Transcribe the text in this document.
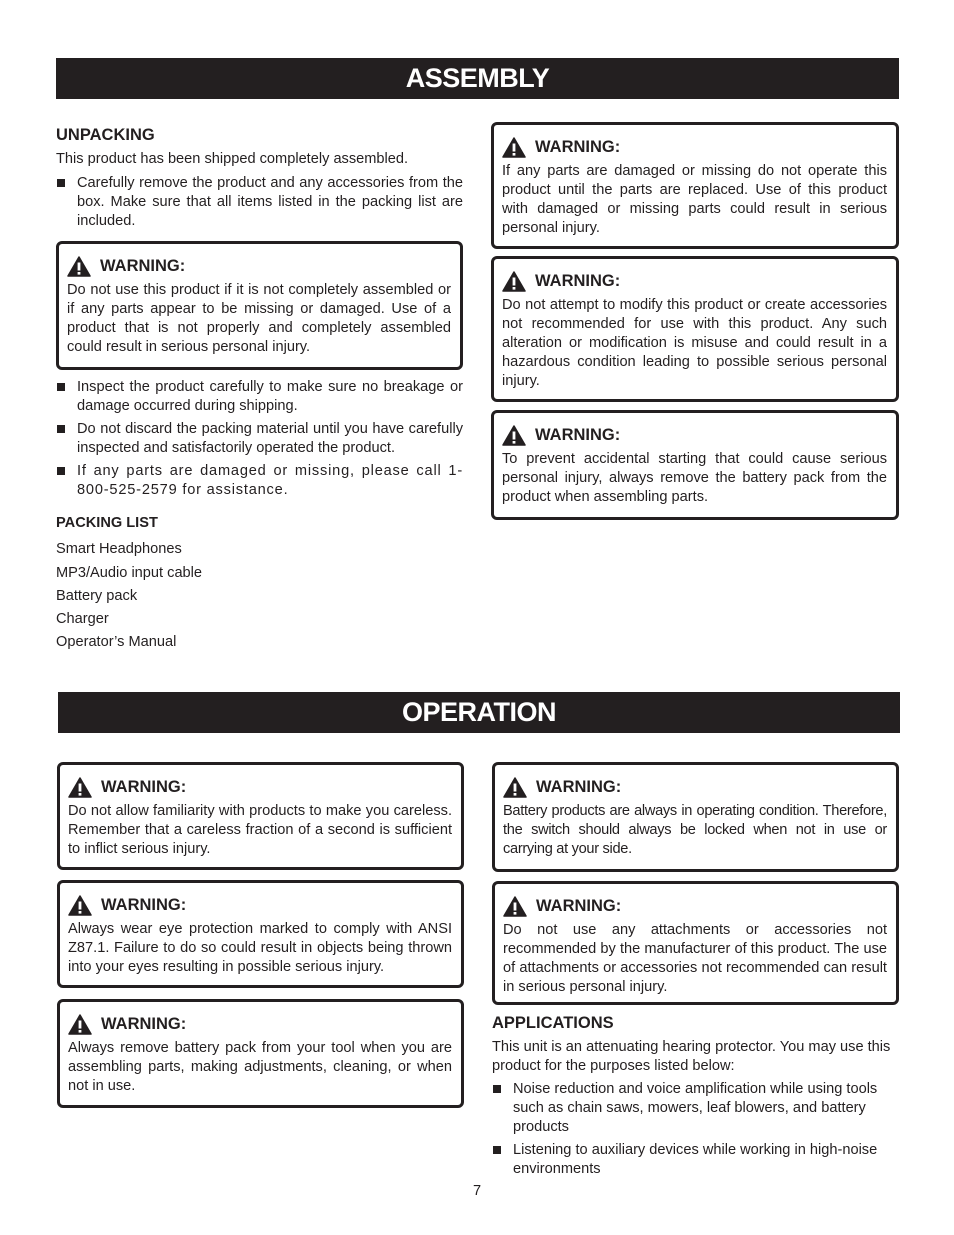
ASSEMBLY
UNPACKING

This product has been shipped completely assembled.

Carefully remove the product and any accessories from the box. Make sure that all items listed in the packing list are included.
WARNING:
Do not use this product if it is not completely assembled or if any parts appear to be missing or damaged. Use of a product that is not properly and completely assembled could result in serious personal injury.
Inspect the product carefully to make sure no breakage or damage occurred during shipping.
Do not discard the packing material until you have carefully inspected and satisfactorily operated the product.
If any parts are damaged or missing, please call 1-800-525-2579 for assistance.
PACKING LIST
Smart Headphones
MP3/Audio input cable
Battery pack
Charger
Operator’s Manual
WARNING:
If any parts are damaged or missing do not operate this product until the parts are replaced. Use of this product with damaged or missing parts could result in serious personal injury.
WARNING:
Do not attempt to modify this product or create accessories not recommended for use with this product. Any such alteration or modification is misuse and could result in a hazardous condition leading to possible serious personal injury.
WARNING:
To prevent accidental starting that could cause serious personal injury, always remove the battery pack from the product when assembling parts.
OPERATION
WARNING:
Do not allow familiarity with products to make you careless. Remember that a careless fraction of a second is sufficient to inflict serious injury.
WARNING:
Always wear eye protection marked to comply with ANSI Z87.1. Failure to do so could result in objects being thrown into your eyes resulting in possible serious injury.
WARNING:
Always remove battery pack from your tool when you are assembling parts, making adjustments, cleaning, or when not in use.
WARNING:
Battery products are always in operating condition. Therefore, the switch should always be locked when not in use or carrying at your side.
WARNING:
Do not use any attachments or accessories not recommended by the manufacturer of this product. The use of attachments or accessories not recommended can result in serious personal injury.
APPLICATIONS

This unit is an attenuating hearing protector. You may use this product for the purposes listed below:

Noise reduction and voice amplification while using tools such as chain saws, mowers, leaf blowers, and battery products
Listening to auxiliary devices while working in high-noise environments
7
